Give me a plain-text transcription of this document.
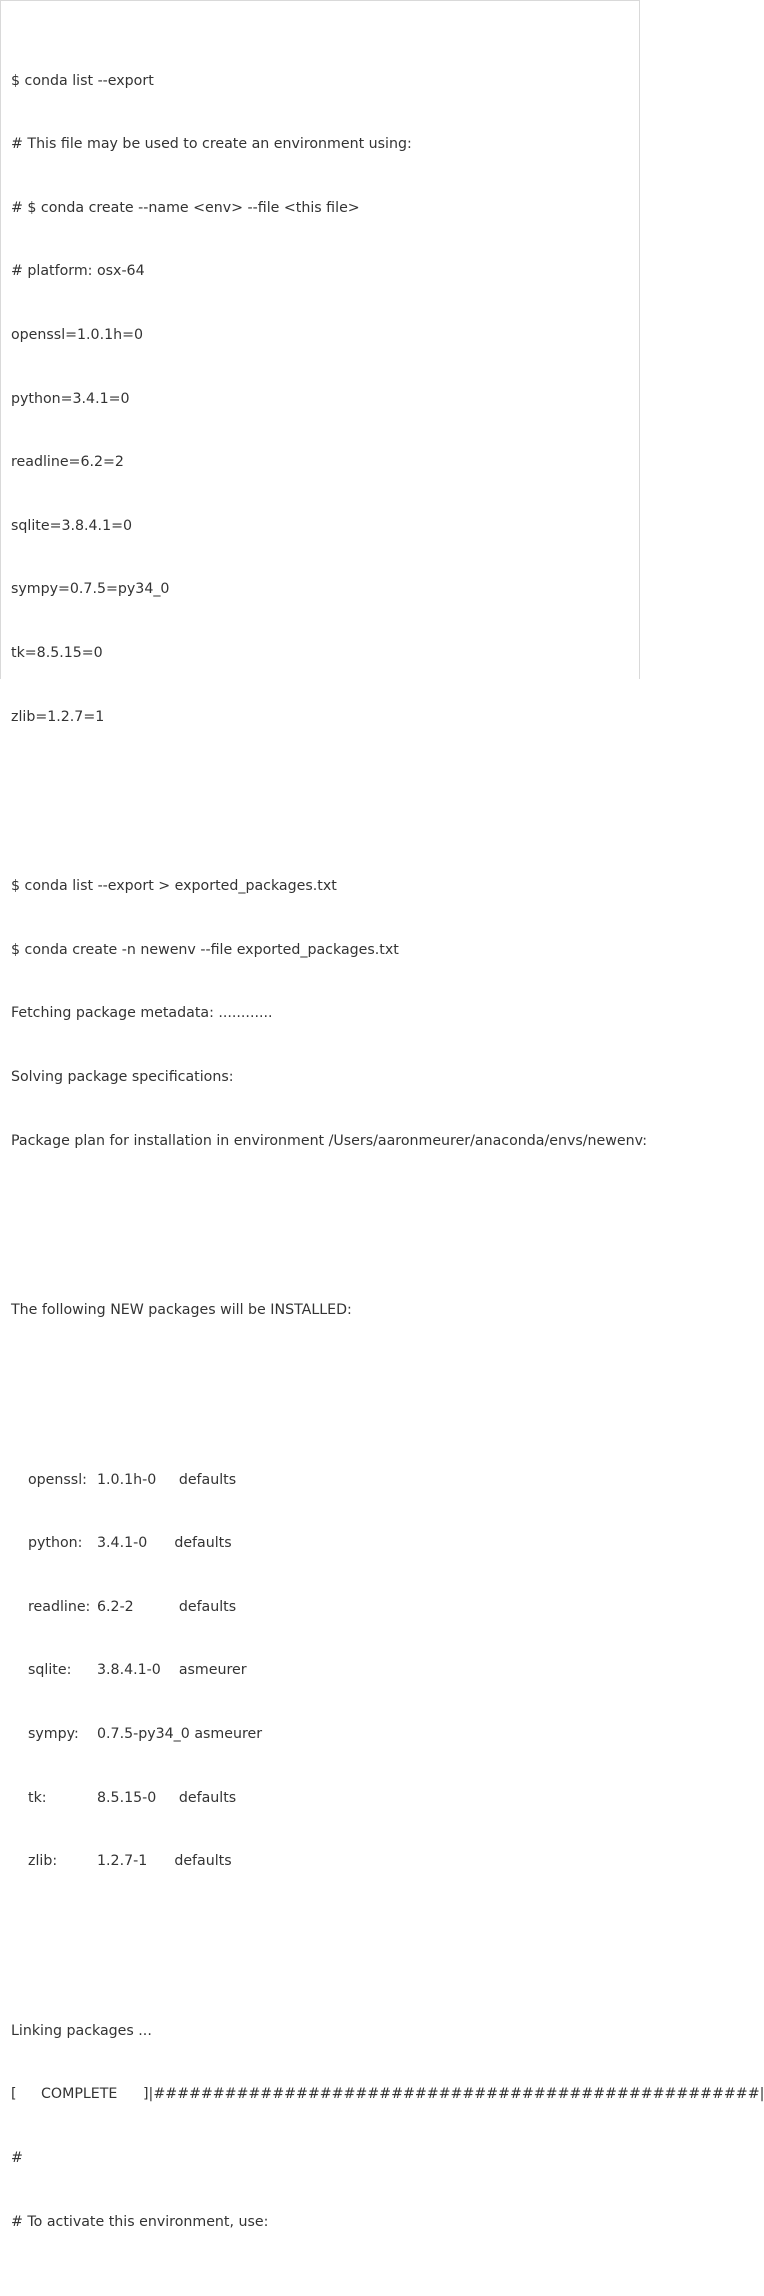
$ conda list --export

# This file may be used to create an environment using:

# $ conda create --name <env> --file <this file>

# platform: osx-64

openssl=1.0.1h=0

python=3.4.1=0

readline=6.2=2

sqlite=3.8.4.1=0

sympy=0.7.5=py34_0

tk=8.5.15=0

zlib=1.2.7=1

$ conda list --export > exported_packages.txt

$ conda create -n newenv --file exported_packages.txt

Fetching package metadata: ............

Solving package specifications:

Package plan for installation in environment /Users/aaronmeurer/anaconda/envs/newenv:

The following NEW packages will be INSTALLED:

openssl: 1.0.1h-0 defaults

python: 3.4.1-0 defaults

readline: 6.2-2	defaults

sqlite: 3.8.4.1-0 asmeurer

sympy: 0.7.5-py34_0 asmeurer

tk:	8.5.15-0 defaults

zlib:	1.2.7-1 defaults

Linking packages ...

[ COMPLETE ]|###################################################|

#

# To activate this environment, use:
